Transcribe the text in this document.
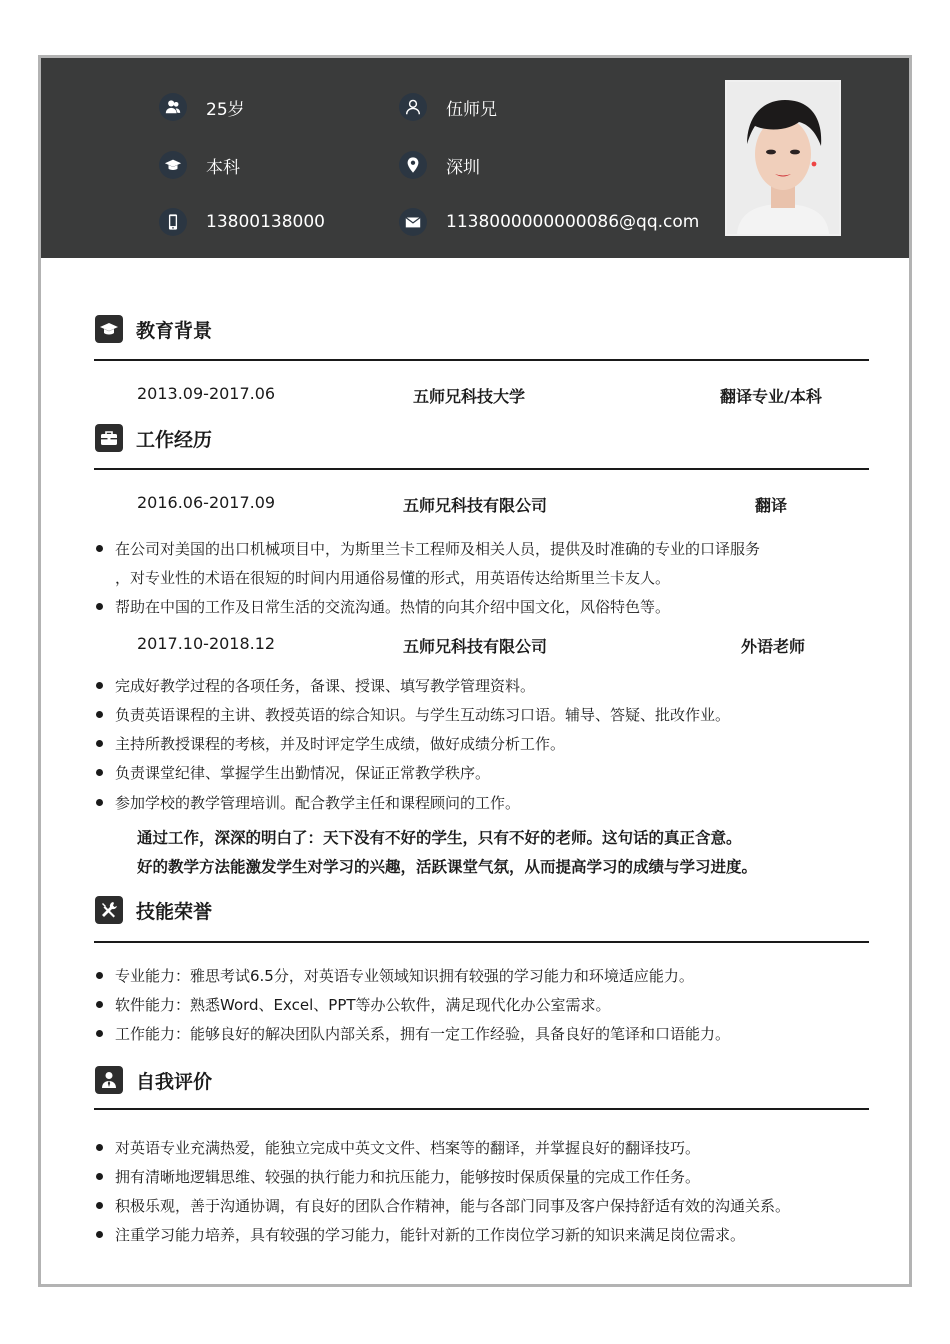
25岁	伍师兄
本科	深圳
13800138000	1138000000000086@qq.com
教育背景
2013.09-2017.06	五师兄科技大学	翻译专业/本科
工作经历
2016.06-2017.09	五师兄科技有限公司	翻译
在公司对美国的出口机械项目中，为斯里兰卡工程师及相关人员，提供及时准确的专业的口译服务
，对专业性的术语在很短的时间内用通俗易懂的形式，用英语传达给斯里兰卡友人。
帮助在中国的工作及日常生活的交流沟通。热情的向其介绍中国文化，风俗特色等。
2017.10-2018.12	五师兄科技有限公司	外语老师
完成好教学过程的各项任务，备课、授课、填写教学管理资料。
负责英语课程的主讲、教授英语的综合知识。与学生互动练习口语。辅导、答疑、批改作业。
主持所教授课程的考核，并及时评定学生成绩，做好成绩分析工作。
负责课堂纪律、掌握学生出勤情况，保证正常教学秩序。
参加学校的教学管理培训。配合教学主任和课程顾问的工作。
通过工作，深深的明白了：天下没有不好的学生，只有不好的老师。这句话的真正含意。
好的教学方法能激发学生对学习的兴趣，活跃课堂气氛，从而提高学习的成绩与学习进度。
技能荣誉
专业能力：雅思考试6.5分，对英语专业领域知识拥有较强的学习能力和环境适应能力。
软件能力：熟悉Word、Excel、PPT等办公软件，满足现代化办公室需求。
工作能力：能够良好的解决团队内部关系，拥有一定工作经验，具备良好的笔译和口语能力。
自我评价
对英语专业充满热爱，能独立完成中英文文件、档案等的翻译，并掌握良好的翻译技巧。
拥有清晰地逻辑思维、较强的执行能力和抗压能力，能够按时保质保量的完成工作任务。
积极乐观，善于沟通协调，有良好的团队合作精神，能与各部门同事及客户保持舒适有效的沟通关系。
注重学习能力培养，具有较强的学习能力，能针对新的工作岗位学习新的知识来满足岗位需求。
